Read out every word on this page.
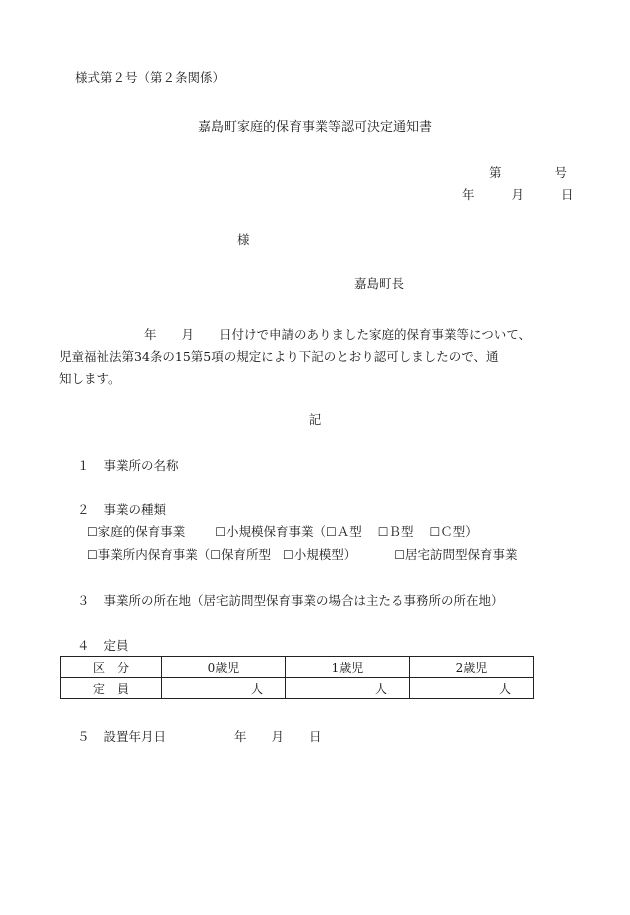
様式第２号（第２条関係）
嘉島町家庭的保育事業等認可決定通知書
第	号
年	月	日
様
嘉島町長
年　　月　　日付けで申請のありました家庭的保育事業等について、
児童福祉法第34条の15第5項の規定により下記のとおり認可しましたので、通
知します。
記
１ 事業所の名称
２ 事業の種類
☐家庭的保育事業 ☐小規模保育事業（☐Ａ型 ☐Ｂ型 ☐Ｃ型）
☐事業所内保育事業（☐保育所型 ☐小規模型）	☐居宅訪問型保育事業
３ 事業所の所在地（居宅訪問型保育事業の場合は主たる事務所の所在地）
４ 定員
区　分	0歳児	1歳児	2歳児
定　員	人	人	人
５ 設置年月日	年　　月　　日
